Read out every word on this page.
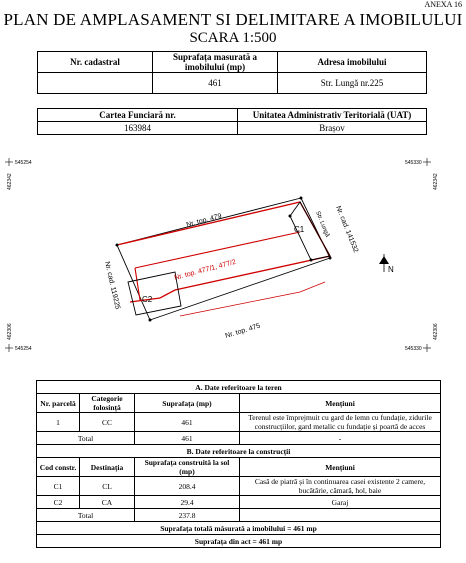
ANEXA 16
PLAN DE AMPLASAMENT SI DELIMITARE A IMOBILULUI
SCARA 1:500
Nr. cadastral	Suprafața masurată a imobilului (mp)	Adresa imobilului
	461	Str. Lungă nr.225
Cartea Funciară nr.	Unitatea Administrativ Teritorială (UAT)
163984	Brașov
545254	545330
545254	545330
462342	462342
462306	462306
Nr. top. 479
Nr. top. 475
Nr. cad. 141532
Nr. cad. 119225
Str. Lungă
Nr. top. 477/1, 477/2
C1
C2
N
A. Date referitoare la teren			
Nr. parcelă	Categorie folosință	Suprafața (mp)	Mențiuni
1	CC	461	Terenul este împrejmuit cu gard de lemn cu fundație, zidurile construcțiilor, gard metalic cu fundație și poartă de acces
Total		461	-
B. Date referitoare la construcții			
Cod constr.	Destinația	Suprafața construită la sol (mp)	Mențiuni
C1	CL	208.4	Casă de piatră și în continuarea casei existente 2 camere, bucătărie, cămară, hol, baie
C2	CA	29.4	Garaj
Total		237.8	
Suprafața totală măsurată a imobilului = 461 mp			
Suprafața din act = 461 mp			
